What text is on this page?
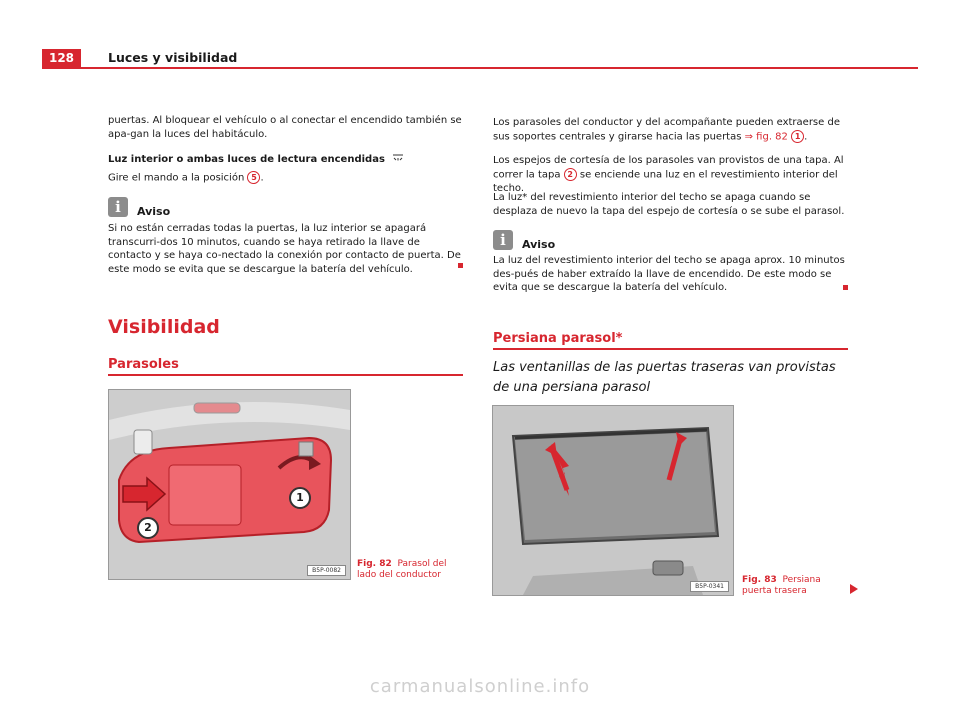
128	Luces y visibilidad
puertas. Al bloquear el vehículo o al conectar el encendido también se apa-gan la luces del habitáculo.
Luz interior o ambas luces de lectura encendidas
Gire el mando a la posición 5 .
i	Aviso
Si no están cerradas todas la puertas, la luz interior se apagará transcurri-dos 10 minutos, cuando se haya retirado la llave de contacto y se haya co-nectado la conexión por contacto de puerta. De este modo se evita que se descargue la batería del vehículo.
Visibilidad
Parasoles
1
2
B5P-0082
Fig. 82 Parasol del lado del conductor
Los parasoles del conductor y del acompañante pueden extraerse de sus soportes centrales y girarse hacia las puertas ⇒ fig. 82 1 .
Los espejos de cortesía de los parasoles van provistos de una tapa. Al correr la tapa 2 se enciende una luz en el revestimiento interior del techo.
La luz* del revestimiento interior del techo se apaga cuando se desplaza de nuevo la tapa del espejo de cortesía o se sube el parasol.
i	Aviso
La luz del revestimiento interior del techo se apaga aprox. 10 minutos des-pués de haber extraído la llave de encendido. De este modo se evita que se descargue la batería del vehículo.
Persiana parasol*
Las ventanillas de las puertas traseras van provistas de una persiana parasol
B5P-0341
Fig. 83 Persiana puerta trasera
carmanualsonline.info
